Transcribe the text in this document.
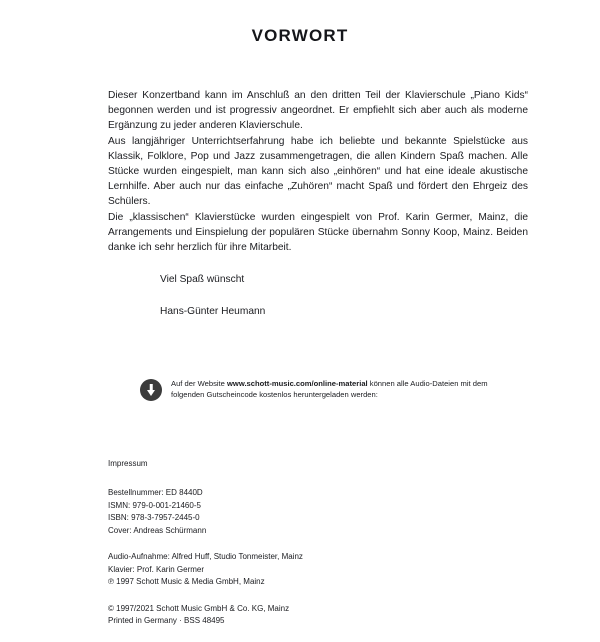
VORWORT

Dieser Konzertband kann im Anschluß an den dritten Teil der Klavierschule „Piano Kids“ begonnen werden und ist progressiv angeordnet. Er empfiehlt sich aber auch als moderne Ergänzung zu jeder anderen Klavierschule.

Aus langjähriger Unterrichtserfahrung habe ich beliebte und bekannte Spielstücke aus Klassik, Folklore, Pop und Jazz zusammengetragen, die allen Kindern Spaß machen. Alle Stücke wurden eingespielt, man kann sich also „einhören“ und hat eine ideale akustische Lernhilfe. Aber auch nur das einfache „Zuhören“ macht Spaß und fördert den Ehrgeiz des Schülers.

Die „klassischen“ Klavierstücke wurden eingespielt von Prof. Karin Germer, Mainz, die Arrangements und Einspielung der populären Stücke übernahm Sonny Koop, Mainz. Beiden danke ich sehr herzlich für ihre Mitarbeit.

Viel Spaß wünscht
Hans-Günter Heumann
Auf der Website www.schott-music.com/online-material können alle Audio-Dateien mit dem folgenden Gutscheincode kostenlos heruntergeladen werden:
Impressum
Bestellnummer: ED 8440D
ISMN: 979-0-001-21460-5
ISBN: 978-3-7957-2445-0
Cover: Andreas Schürmann
Audio-Aufnahme: Alfred Huff, Studio Tonmeister, Mainz
Klavier: Prof. Karin Germer
℗ 1997 Schott Music & Media GmbH, Mainz
© 1997/2021 Schott Music GmbH & Co. KG, Mainz
Printed in Germany · BSS 48495
